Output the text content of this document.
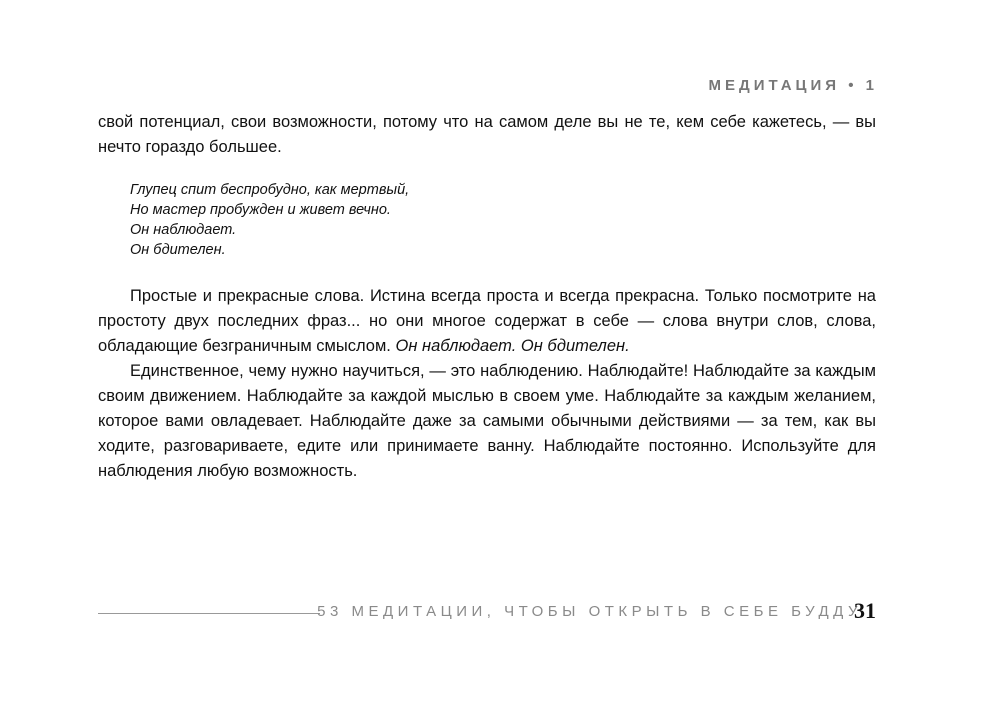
МЕДИТАЦИЯ • 1

свой потенциал, свои возможности, потому что на самом деле вы не те, кем себе кажетесь, — вы нечто гораздо большее.

Глупец спит беспробудно, как мертвый,
Но мастер пробужден и живет вечно.
Он наблюдает.
Он бдителен.

Простые и прекрасные слова. Истина всегда проста и всегда прекрасна. Только посмотрите на простоту двух последних фраз... но они многое содержат в себе — слова внутри слов, слова, обладающие безграничным смыслом. Он наблюдает. Он бдителен.

Единственное, чему нужно научиться, — это наблюдению. Наблюдайте! Наблюдайте за каждым своим движением. Наблюдайте за каждой мыслью в своем уме. Наблюдайте за каждым желанием, которое вами овладевает. Наблюдайте даже за самыми обычными действиями — за тем, как вы ходите, разговариваете, едите или принимаете ванну. Наблюдайте постоянно. Используйте для наблюдения любую возможность.

53 МЕДИТАЦИИ, ЧТОБЫ ОТКРЫТЬ В СЕБЕ БУДДУ
31
